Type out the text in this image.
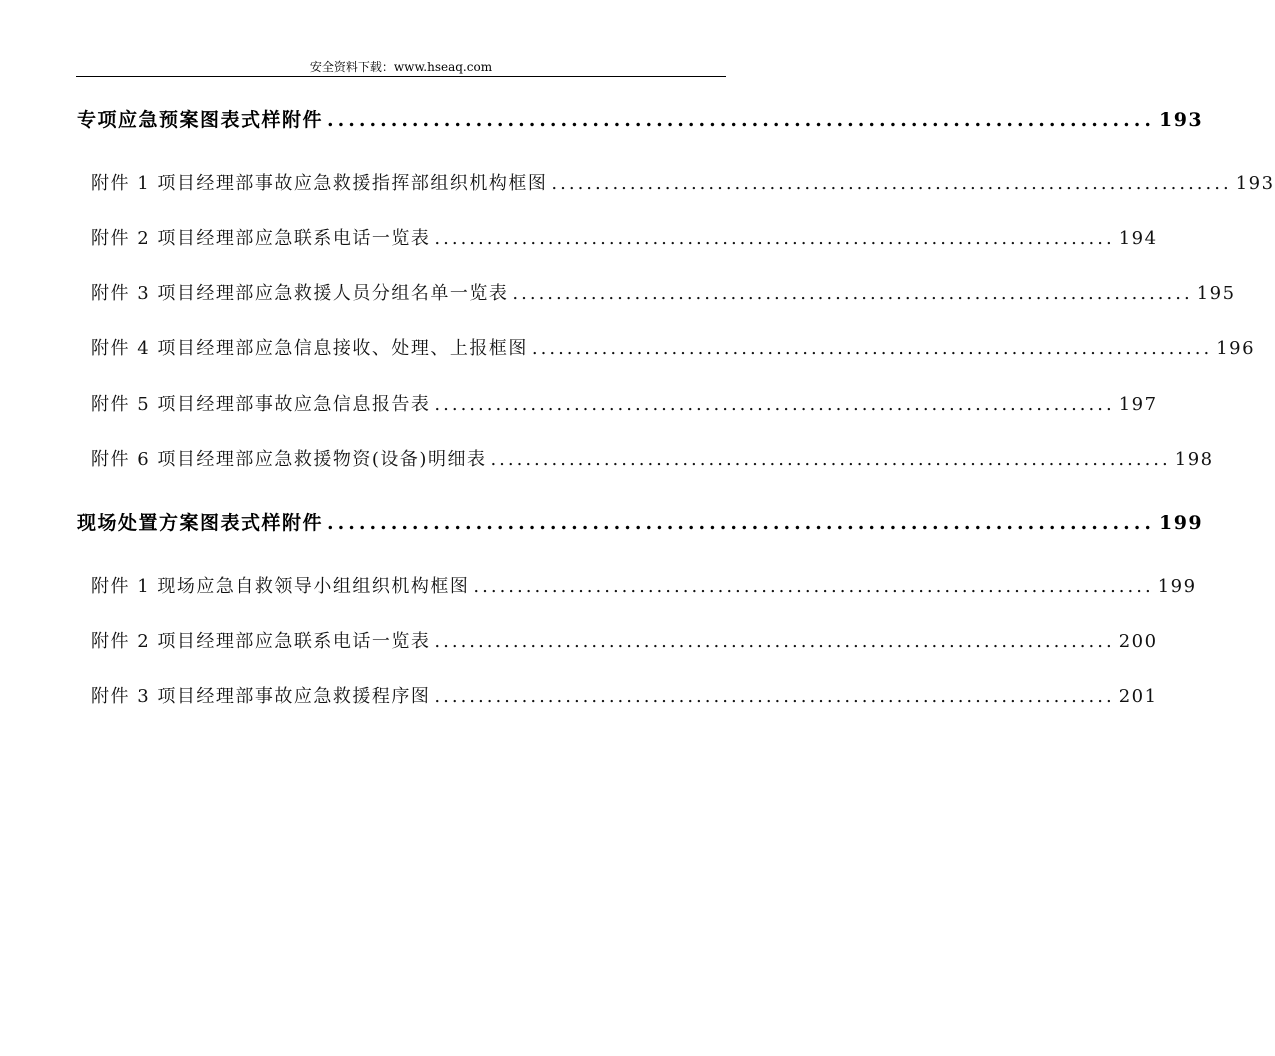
安全资料下载：www.hseaq.com
专项应急预案图表式样附件 .............................................................................. 193
附件 1 项目经理部事故应急救援指挥部组织机构框图 .............................................................................. 193
附件 2 项目经理部应急联系电话一览表 .............................................................................. 194
附件 3 项目经理部应急救援人员分组名单一览表 .............................................................................. 195
附件 4 项目经理部应急信息接收、处理、上报框图 .............................................................................. 196
附件 5 项目经理部事故应急信息报告表 .............................................................................. 197
附件 6 项目经理部应急救援物资(设备)明细表 .............................................................................. 198
现场处置方案图表式样附件 .............................................................................. 199
附件 1 现场应急自救领导小组组织机构框图 .............................................................................. 199
附件 2 项目经理部应急联系电话一览表 .............................................................................. 200
附件 3 项目经理部事故应急救援程序图 .............................................................................. 201
